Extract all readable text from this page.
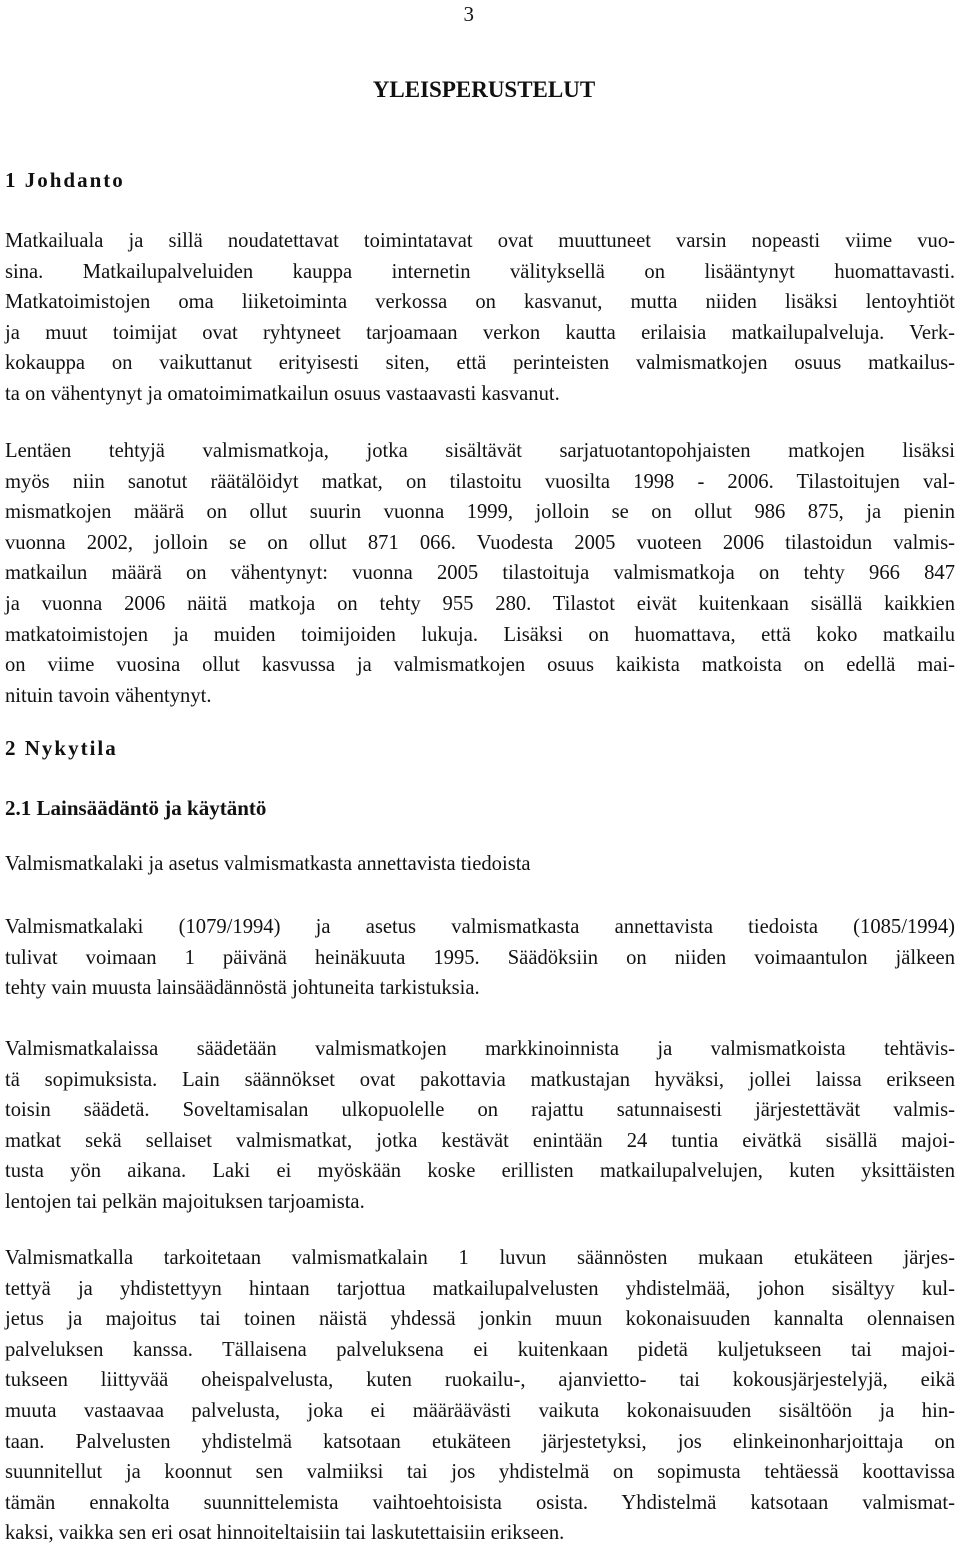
3
YLEISPERUSTELUT
1 Johdanto

Matkailuala ja sillä noudatettavat toimintatavat ovat muuttuneet varsin nopeasti viime vuo-
sina. Matkailupalveluiden kauppa internetin välityksellä on lisääntynyt huomattavasti.
Matkatoimistojen oma liiketoiminta verkossa on kasvanut, mutta niiden lisäksi lentoyhtiöt
ja muut toimijat ovat ryhtyneet tarjoamaan verkon kautta erilaisia matkailupalveluja. Verk-
kokauppa on vaikuttanut erityisesti siten, että perinteisten valmismatkojen osuus matkailus-
ta on vähentynyt ja omatoimimatkailun osuus vastaavasti kasvanut.

Lentäen tehtyjä valmismatkoja, jotka sisältävät sarjatuotantopohjaisten matkojen lisäksi
myös niin sanotut räätälöidyt matkat, on tilastoitu vuosilta 1998 - 2006. Tilastoitujen val-
mismatkojen määrä on ollut suurin vuonna 1999, jolloin se on ollut 986 875, ja pienin
vuonna 2002, jolloin se on ollut 871 066. Vuodesta 2005 vuoteen 2006 tilastoidun valmis-
matkailun määrä on vähentynyt: vuonna 2005 tilastoituja valmismatkoja on tehty 966 847
ja vuonna 2006 näitä matkoja on tehty 955 280. Tilastot eivät kuitenkaan sisällä kaikkien
matkatoimistojen ja muiden toimijoiden lukuja. Lisäksi on huomattava, että koko matkailu
on viime vuosina ollut kasvussa ja valmismatkojen osuus kaikista matkoista on edellä mai-
nituin tavoin vähentynyt.

2 Nykytila
2.1 Lainsäädäntö ja käytäntö
Valmismatkalaki ja asetus valmismatkasta annettavista tiedoista

Valmismatkalaki (1079/1994) ja asetus valmismatkasta annettavista tiedoista (1085/1994)
tulivat voimaan 1 päivänä heinäkuuta 1995. Säädöksiin on niiden voimaantulon jälkeen
tehty vain muusta lainsäädännöstä johtuneita tarkistuksia.

Valmismatkalaissa säädetään valmismatkojen markkinoinnista ja valmismatkoista tehtävis-
tä sopimuksista. Lain säännökset ovat pakottavia matkustajan hyväksi, jollei laissa erikseen
toisin säädetä. Soveltamisalan ulkopuolelle on rajattu satunnaisesti järjestettävät valmis-
matkat sekä sellaiset valmismatkat, jotka kestävät enintään 24 tuntia eivätkä sisällä majoi-
tusta yön aikana. Laki ei myöskään koske erillisten matkailupalvelujen, kuten yksittäisten
lentojen tai pelkän majoituksen tarjoamista.

Valmismatkalla tarkoitetaan valmismatkalain 1 luvun säännösten mukaan etukäteen järjes-
tettyä ja yhdistettyyn hintaan tarjottua matkailupalvelusten yhdistelmää, johon sisältyy kul-
jetus ja majoitus tai toinen näistä yhdessä jonkin muun kokonaisuuden kannalta olennaisen
palveluksen kanssa. Tällaisena palveluksena ei kuitenkaan pidetä kuljetukseen tai majoi-
tukseen liittyvää oheispalvelusta, kuten ruokailu-, ajanvietto- tai kokousjärjestelyjä, eikä
muuta vastaavaa palvelusta, joka ei määräävästi vaikuta kokonaisuuden sisältöön ja hin-
taan. Palvelusten yhdistelmä katsotaan etukäteen järjestetyksi, jos elinkeinonharjoittaja on
suunnitellut ja koonnut sen valmiiksi tai jos yhdistelmä on sopimusta tehtäessä koottavissa
tämän ennakolta suunnittelemista vaihtoehtoisista osista. Yhdistelmä katsotaan valmismat-
kaksi, vaikka sen eri osat hinnoiteltaisiin tai laskutettaisiin erikseen.
